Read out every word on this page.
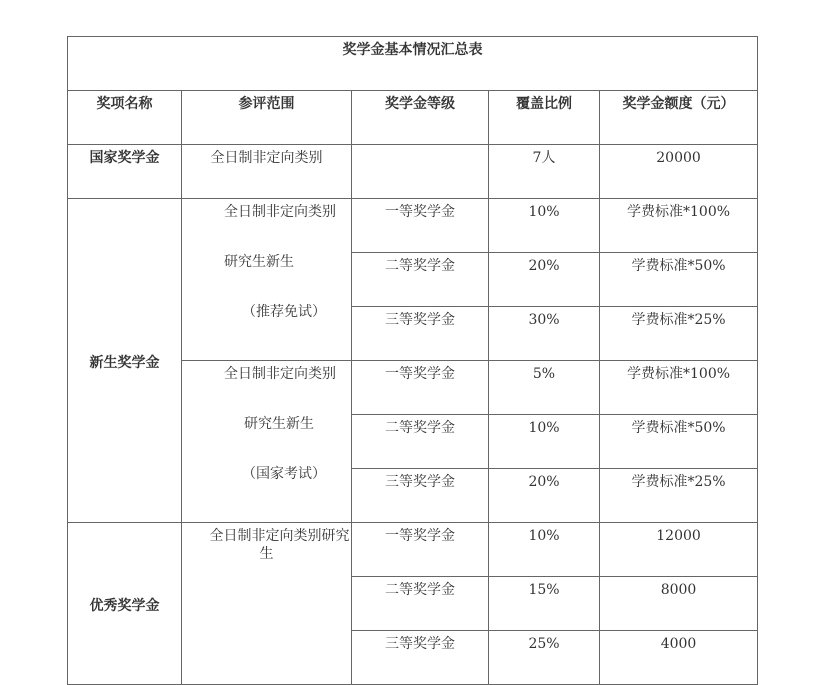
奖学金基本情况汇总表				
奖项名称	参评范围	奖学金等级	覆盖比例	奖学金额度（元）
国家奖学金	全日制非定向类别		7人	20000
新生奖学金	全日制非定向类别
研究生新生
（推荐免试）	一等奖学金	10%	学费标准*100%
		二等奖学金	20%	学费标准*50%
		三等奖学金	30%	学费标准*25%

	全日制非定向类别
研究生新生
（国家考试）	一等奖学金	5%	学费标准*100%
		二等奖学金	10%	学费标准*50%
		三等奖学金	20%	学费标准*25%
优秀奖学金	全日制非定向类别研究
生	一等奖学金	10%	12000
		二等奖学金	15%	8000
		三等奖学金	25%	4000
